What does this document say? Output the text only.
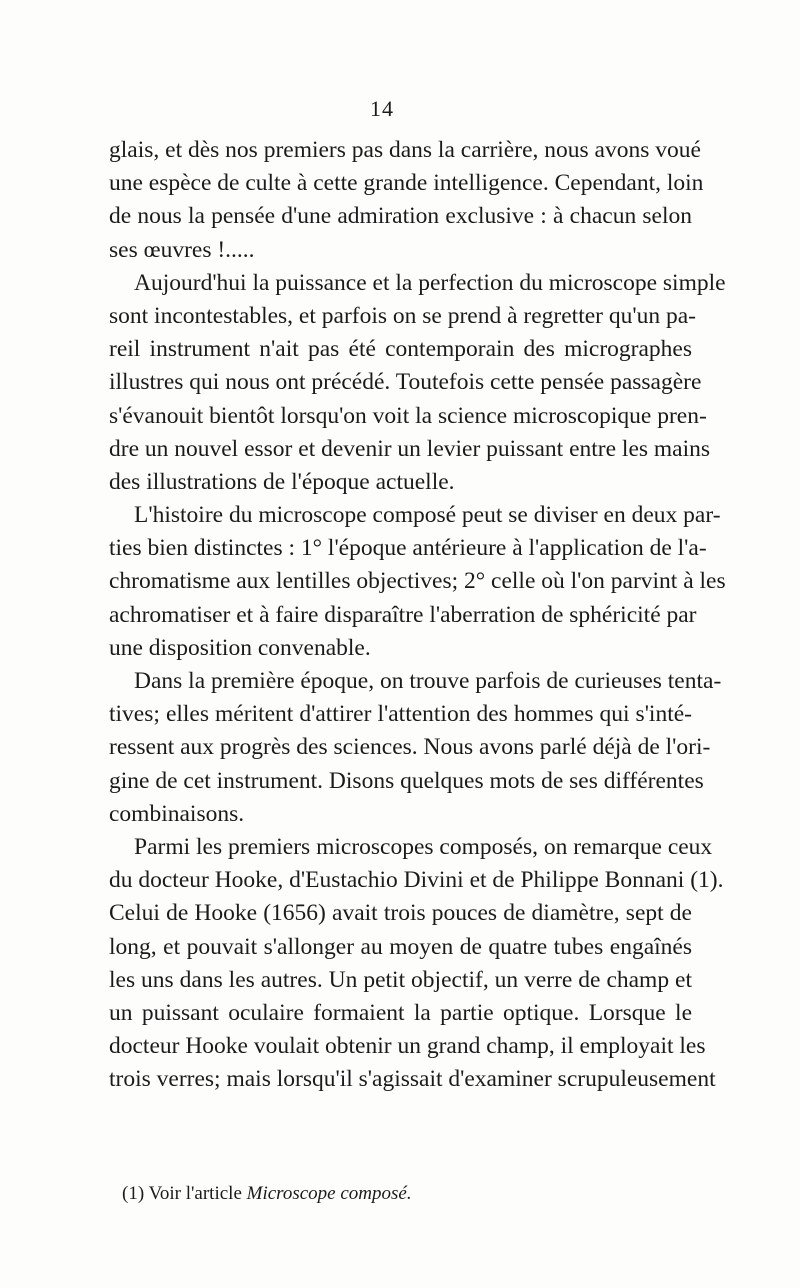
14
glais, et dès nos premiers pas dans la carrière, nous avons voué
une espèce de culte à cette grande intelligence. Cependant, loin
de nous la pensée d'une admiration exclusive : à chacun selon
ses œuvres !.....
Aujourd'hui la puissance et la perfection du microscope simple
sont incontestables, et parfois on se prend à regretter qu'un pa-
reil instrument n'ait pas été contemporain des micrographes
illustres qui nous ont précédé. Toutefois cette pensée passagère
s'évanouit bientôt lorsqu'on voit la science microscopique pren-
dre un nouvel essor et devenir un levier puissant entre les mains
des illustrations de l'époque actuelle.
L'histoire du microscope composé peut se diviser en deux par-
ties bien distinctes : 1° l'époque antérieure à l'application de l'a-
chromatisme aux lentilles objectives; 2° celle où l'on parvint à les
achromatiser et à faire disparaître l'aberration de sphéricité par
une disposition convenable.
Dans la première époque, on trouve parfois de curieuses tenta-
tives; elles méritent d'attirer l'attention des hommes qui s'inté-
ressent aux progrès des sciences. Nous avons parlé déjà de l'ori-
gine de cet instrument. Disons quelques mots de ses différentes
combinaisons.
Parmi les premiers microscopes composés, on remarque ceux
du docteur Hooke, d'Eustachio Divini et de Philippe Bonnani (1).
Celui de Hooke (1656) avait trois pouces de diamètre, sept de
long, et pouvait s'allonger au moyen de quatre tubes engaînés
les uns dans les autres. Un petit objectif, un verre de champ et
un puissant oculaire formaient la partie optique. Lorsque le
docteur Hooke voulait obtenir un grand champ, il employait les
trois verres; mais lorsqu'il s'agissait d'examiner scrupuleusement
(1) Voir l'article Microscope composé.
